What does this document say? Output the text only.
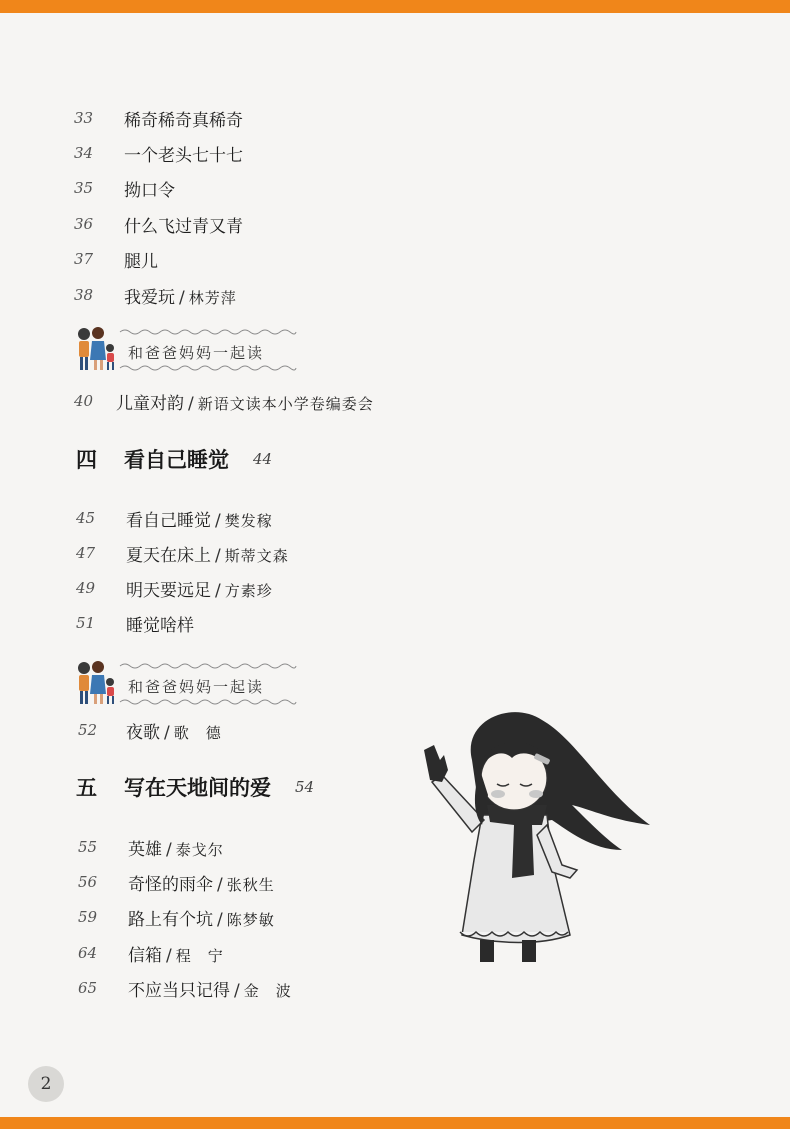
33	稀奇稀奇真稀奇
34	一个老头七十七
35	拗口令
36	什么飞过青又青
37	腿儿
38	我爱玩 / 林芳萍
和爸爸妈妈一起读
40	儿童对韵 / 新语文读本小学卷编委会
四	看自己睡觉 44
45	看自己睡觉 / 樊发稼
47	夏天在床上 / 斯蒂文森
49	明天要远足 / 方素珍
51	睡觉啥样
和爸爸妈妈一起读
52	夜歌 / 歌　德
五	写在天地间的爱 54
55	英雄 / 泰戈尔
56	奇怪的雨伞 / 张秋生
59	路上有个坑 / 陈梦敏
64	信箱 / 程　宁
65	不应当只记得 / 金　波
2
